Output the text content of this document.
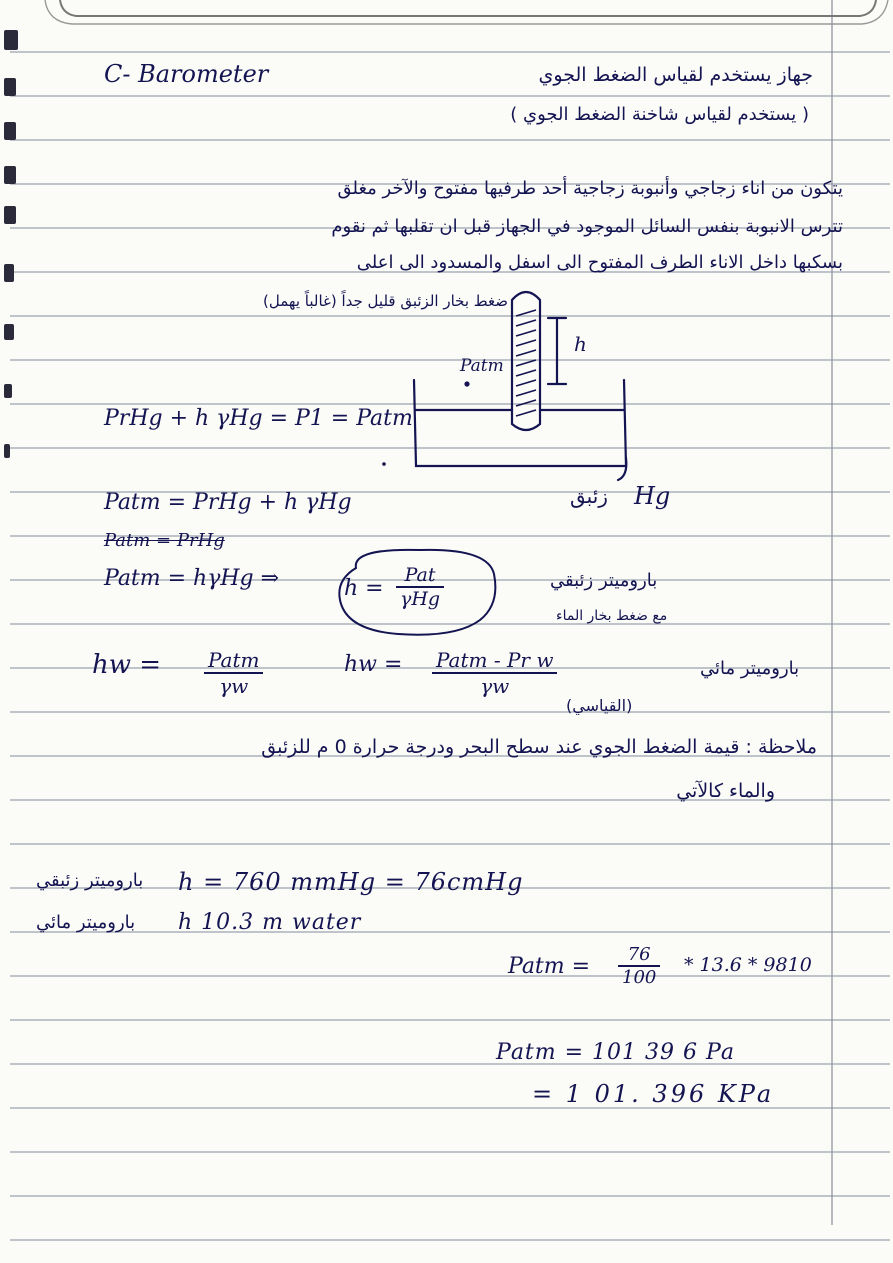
C- Barometer	جهاز يستخدم لقياس الضغط الجوي
( يستخدم لقياس شاخنة الضغط الجوي )
يتكون من اناء زجاجي وأنبوبة زجاجية أحد طرفيها مفتوح والآخر مغلق
تترس الانبوبة بنفس السائل الموجود في الجهاز قبل ان تقلبها ثم نقوم
بسكبها داخل الاناء الطرف المفتوح الى اسفل والمسدود الى اعلى
ضغط بخار الزئبق قليل جداً (غالباً يهمل)
h
Patm
Hg
زئبق
PrHg + h γHg = P1 = Patm
Patm = PrHg + h γHg
Patm = PrHg
Patm = hγHg ⇒	h =
Pat
γHg
باروميتر زئبقي
مع ضغط بخار الماء
hw = Patm
γw
hw = Patm - Pr w
γw
باروميتر مائي
(القياسي)
ملاحظة : قيمة الضغط الجوي عند سطح البحر ودرجة حرارة 0 م للزئبق
والماء كالآتي
h = 760 mmHg = 76cmHg
باروميتر زئبقي
h 10.3 m water
باروميتر مائي
Patm = $\frac{76}{100} * 13.6 * 9810$
Patm = 101 39 6 Pa
= 1 01. 396 KPa
